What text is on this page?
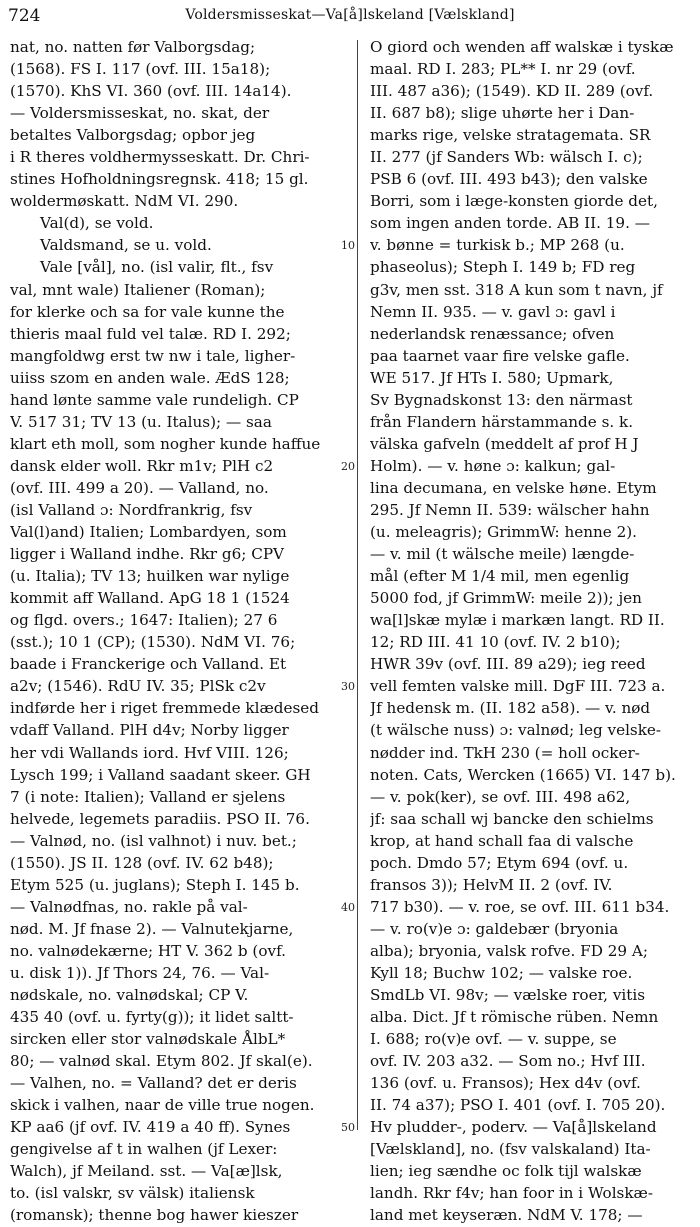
724	Voldersmisseskat—Va[å]lskeland [Vælskland]
nat, no. natten før Valborgsdag;
(1568). FS I. 117 (ovf. III. 15a18);
(1570). KhS VI. 360 (ovf. III. 14a14).
— Voldersmisseskat, no. skat, der
betaltes Valborgsdag; opbor jeg
i R theres voldhermysseskatt. Dr. Chri-
stines Hofholdningsregnsk. 418; 15 gl.
woldermøskatt. NdM VI. 290.
Val(d), se vold.
Valdsmand, se u. vold.
Vale [vål], no. (isl valir, flt., fsv
val, mnt wale) Italiener (Roman);
for klerke och sa for vale kunne the
thieris maal fuld vel talæ. RD I. 292;
mangfoldwg erst tw nw i tale, ligher-
uiiss szom en anden wale. ÆdS 128;
hand lønte samme vale rundeligh. CP
V. 517 31; TV 13 (u. Italus); — saa
klart eth moll, som nogher kunde haffue
dansk elder woll. Rkr m1v; PlH c2
(ovf. III. 499 a 20). — Valland, no.
(isl Valland ɔ: Nordfrankrig, fsv
Val(l)and) Italien; Lombardyen, som
ligger i Walland indhe. Rkr g6; CPV
(u. Italia); TV 13; huilken war nylige
kommit aff Walland. ApG 18 1 (1524
og flgd. overs.; 1647: Italien); 27 6
(sst.); 10 1 (CP); (1530). NdM VI. 76;
baade i Franckerige och Valland. Et
a2v; (1546). RdU IV. 35; PlSk c2v
indførde her i riget fremmede klædesed
vdaff Valland. PlH d4v; Norby ligger
her vdi Wallands iord. Hvf VIII. 126;
Lysch 199; i Valland saadant skeer. GH
7 (i note: Italien); Valland er sjelens
helvede, legemets paradiis. PSO II. 76.
— Valnød, no. (isl valhnot) i nuv. bet.;
(1550). JS II. 128 (ovf. IV. 62 b48);
Etym 525 (u. juglans); Steph I. 145 b.
— Valnødfnas, no. rakle på val-
nød. M. Jf fnase 2). — Valnutekjarne,
no. valnødekærne; HT V. 362 b (ovf.
u. disk 1)). Jf Thors 24, 76. — Val-
nødskale, no. valnødskal; CP V.
435 40 (ovf. u. fyrty(g)); it lidet saltt-
sircken eller stor valnødskale ÅlbL*
80; — valnød skal. Etym 802. Jf skal(e).
— Valhen, no. = Valland? det er deris
skick i valhen, naar de ville true nogen.
KP aa6 (jf ovf. IV. 419 a 40 ff). Synes
gengivelse af t in walhen (jf Lexer:
Walch), jf Meiland. sst. — Va[æ]lsk,
to. (isl valskr, sv välsk) italiensk
(romansk); thenne bog hawer kieszer
10
20
30
40
50
O giord och wenden aff walskæ i tyskæ
maal. RD I. 283; PL** I. nr 29 (ovf.
III. 487 a36); (1549). KD II. 289 (ovf.
II. 687 b8); slige uhørte her i Dan-
marks rige, velske stratagemata. SR
II. 277 (jf Sanders Wb: wälsch I. c);
PSB 6 (ovf. III. 493 b43); den valske
Borri, som i læge-konsten giorde det,
som ingen anden torde. AB II. 19. —
v. bønne = turkisk b.; MP 268 (u.
phaseolus); Steph I. 149 b; FD reg
g3v, men sst. 318 A kun som t navn, jf
Nemn II. 935. — v. gavl ɔ: gavl i
nederlandsk renæssance; ofven
paa taarnet vaar fire velske gafle.
WE 517. Jf HTs I. 580; Upmark,
Sv Bygnadskonst 13: den närmast
från Flandern härstammande s. k.
välska gafveln (meddelt af prof H J
Holm). — v. høne ɔ: kalkun; gal-
lina decumana, en velske høne. Etym
295. Jf Nemn II. 539: wälscher hahn
(u. meleagris); GrimmW: henne 2).
— v. mil (t wälsche meile) længde-
mål (efter M 1/4 mil, men egenlig
5000 fod, jf GrimmW: meile 2)); jen
wa[l]skæ mylæ i markæn langt. RD II.
12; RD III. 41 10 (ovf. IV. 2 b10);
HWR 39v (ovf. III. 89 a29); ieg reed
vell femten valske mill. DgF III. 723 a.
Jf hedensk m. (II. 182 a58). — v. nød
(t wälsche nuss) ɔ: valnød; leg velske-
nødder ind. TkH 230 (= holl ocker-
noten. Cats, Wercken (1665) VI. 147 b).
— v. pok(ker), se ovf. III. 498 a62,
jf: saa schall wj bancke den schielms
krop, at hand schall faa di valsche
poch. Dmdo 57; Etym 694 (ovf. u.
fransos 3)); HelvM II. 2 (ovf. IV.
717 b30). — v. roe, se ovf. III. 611 b34.
— v. ro(v)e ɔ: galdebær (bryonia
alba); bryonia, valsk rofve. FD 29 A;
Kyll 18; Buchw 102; — valske roe.
SmdLb VI. 98v; — vælske roer, vitis
alba. Dict. Jf t römische rüben. Nemn
I. 688; ro(v)e ovf. — v. suppe, se
ovf. IV. 203 a32. — Som no.; Hvf III.
136 (ovf. u. Fransos); Hex d4v (ovf.
II. 74 a37); PSO I. 401 (ovf. I. 705 20).
Hv pludder-, poderv. — Va[å]lskeland
[Vælskland], no. (fsv valskaland) Ita-
lien; ieg sændhe oc folk tijl walskæ
landh. Rkr f4v; han foor in i Wolskæ-
land met keyseræn. NdM V. 178; —
